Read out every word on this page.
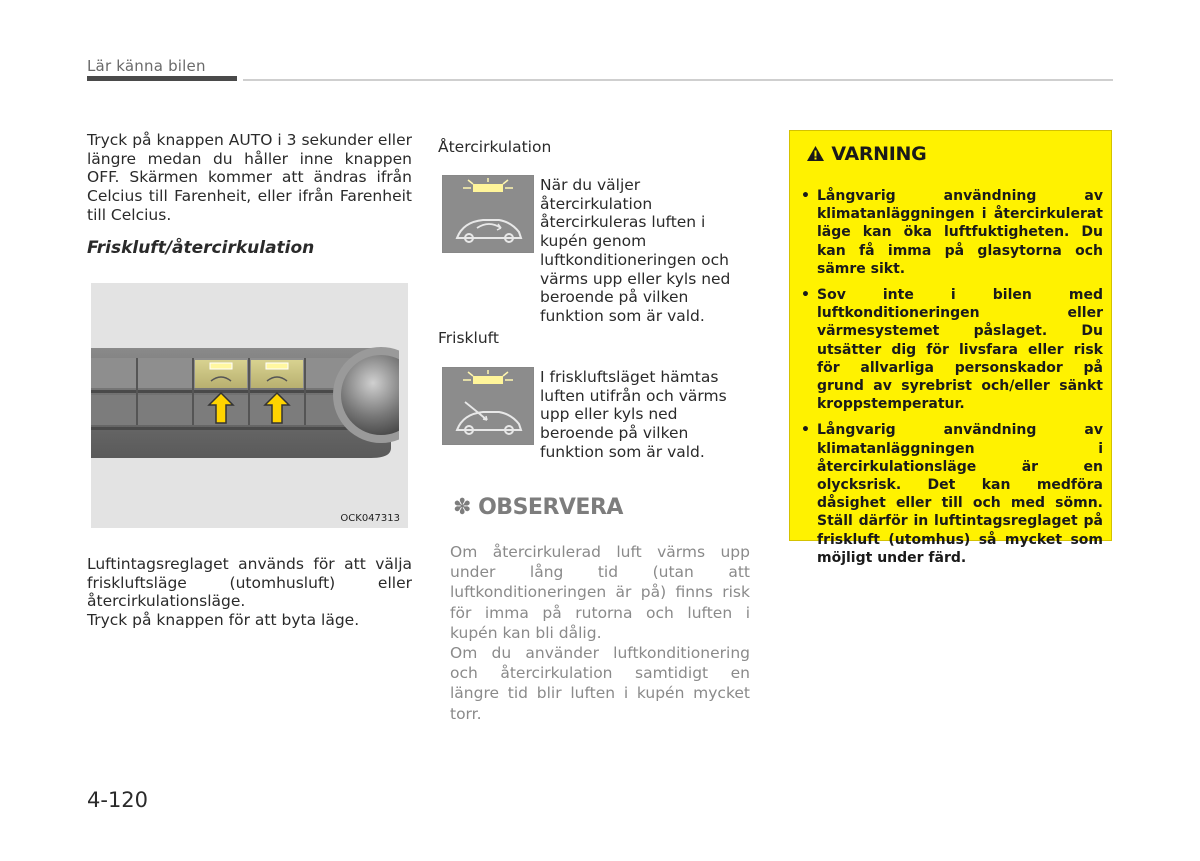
Lär känna bilen
Tryck på knappen AUTO i 3 sekunder eller längre medan du håller inne knappen OFF. Skärmen kommer att ändras ifrån Celcius till Farenheit, eller ifrån Farenheit till Celcius.
Friskluft/återcirkulation
OCK047313

Luftintagsreglaget används för att välja friskluftsläge (utomhusluft) eller återcirkulationsläge.

Tryck på knappen för att byta läge.

Återcirkulation
När du väljer återcirkulation återcirkuleras luften i kupén genom luftkonditioneringen och värms upp eller kyls ned beroende på vilken funktion som är vald.
Friskluft
I friskluftsläget hämtas luften utifrån och värms upp eller kyls ned beroende på vilken funktion som är vald.
✽ OBSERVERA

Om återcirkulerad luft värms upp under lång tid (utan att luftkonditioneringen är på) finns risk för imma på rutorna och luften i kupén kan bli dålig.

Om du använder luftkonditionering och återcirkulation samtidigt en längre tid blir luften i kupén mycket torr.

VARNING
• Långvarig användning av klimatanläggningen i återcirkulerat läge kan öka luftfuktigheten. Du kan få imma på glasytorna och sämre sikt.
• Sov inte i bilen med luftkonditioneringen eller värmesystemet påslaget. Du utsätter dig för livsfara eller risk för allvarliga personskador på grund av syrebrist och/eller sänkt kroppstemperatur.
• Långvarig användning av klimatanläggningen i återcirkulationsläge är en olycksrisk. Det kan medföra dåsighet eller till och med sömn. Ställ därför in luftintagsreglaget på friskluft (utomhus) så mycket som möjligt under färd.
4-120
